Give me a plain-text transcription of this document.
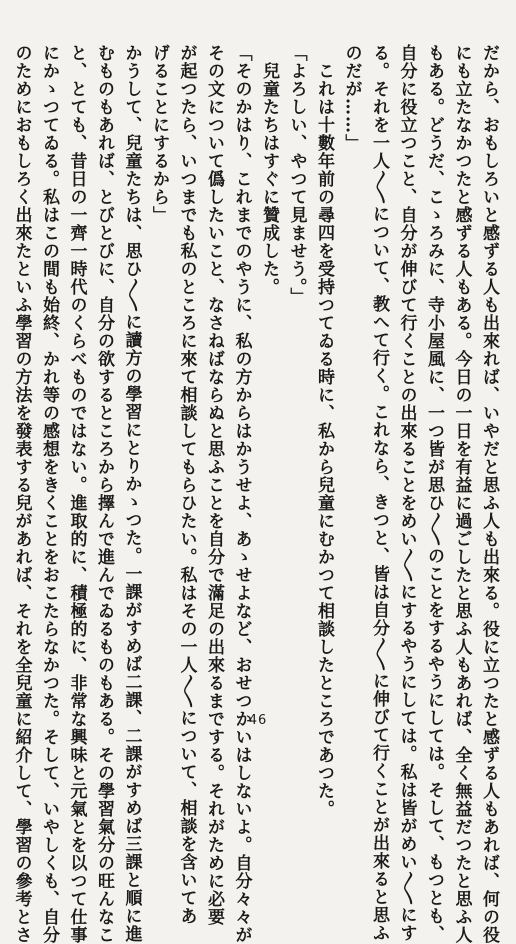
だから、おもしろいと感ずる人も出來れば、いやだと思ふ人も出來る。役に立つたと感ずる人もあれば、何の役
にも立たなかつたと感ずる人もある。今日の一日を有益に過ごしたと思ふ人もあれば、全く無益だつたと思ふ人
もある。どうだ、こゝろみに、寺小屋風に、一つ皆が思ひ〳〵のことをするやうにしては。そして、もつとも、
自分に役立つこと、自分が伸びて行くことの出來ることをめい〳〵にするやうにしては。私は皆がめい〳〵にす
る。それを一人〳〵について、教へて行く。これなら、きつと、皆は自分〳〵に伸びて行くことが出來ると思ふ
のだが……」
これは十數年前の尋四を受持つてゐる時に、私から兒童にむかつて相談したところであつた。
「よろしい、やつて見ませう。」
兒童たちはすぐに贊成した。
「そのかはり、これまでのやうに、私の方からはかうせよ、あゝせよなど、おせつかいはしないよ。自分々々が
その文について僞したいこと、なさねばならぬと思ふことを自分で滿足の出來るまでする。それがために必要
が起つたら、いつまでも私のところに來て相談してもらひたい。私はその一人〳〵について、相談を含いてあ
げることにするから」
かうして、兒童たちは、思ひ〳〵に讀方の學習にとりかゝつた。一課がすめば二課、二課がすめば三課と順に進
むものもあれば、とびとびに、自分の欲するところから擇んで進んでゐるものもある。その學習氣分の旺んなこ
と、とても、昔日の一齊一時代のくらべものではない。進取的に、積極的に、非常な興味と元氣とを以つて仕事
にかゝつてゐる。私はこの間も始終、かれ等の感想をきくことをおこたらなかつた。そして、いやしくも、自分
のためにおもしろく出來たといふ學習の方法を發表する兒があれば、それを全兒童に紹介して、學習の參考とさ	46
